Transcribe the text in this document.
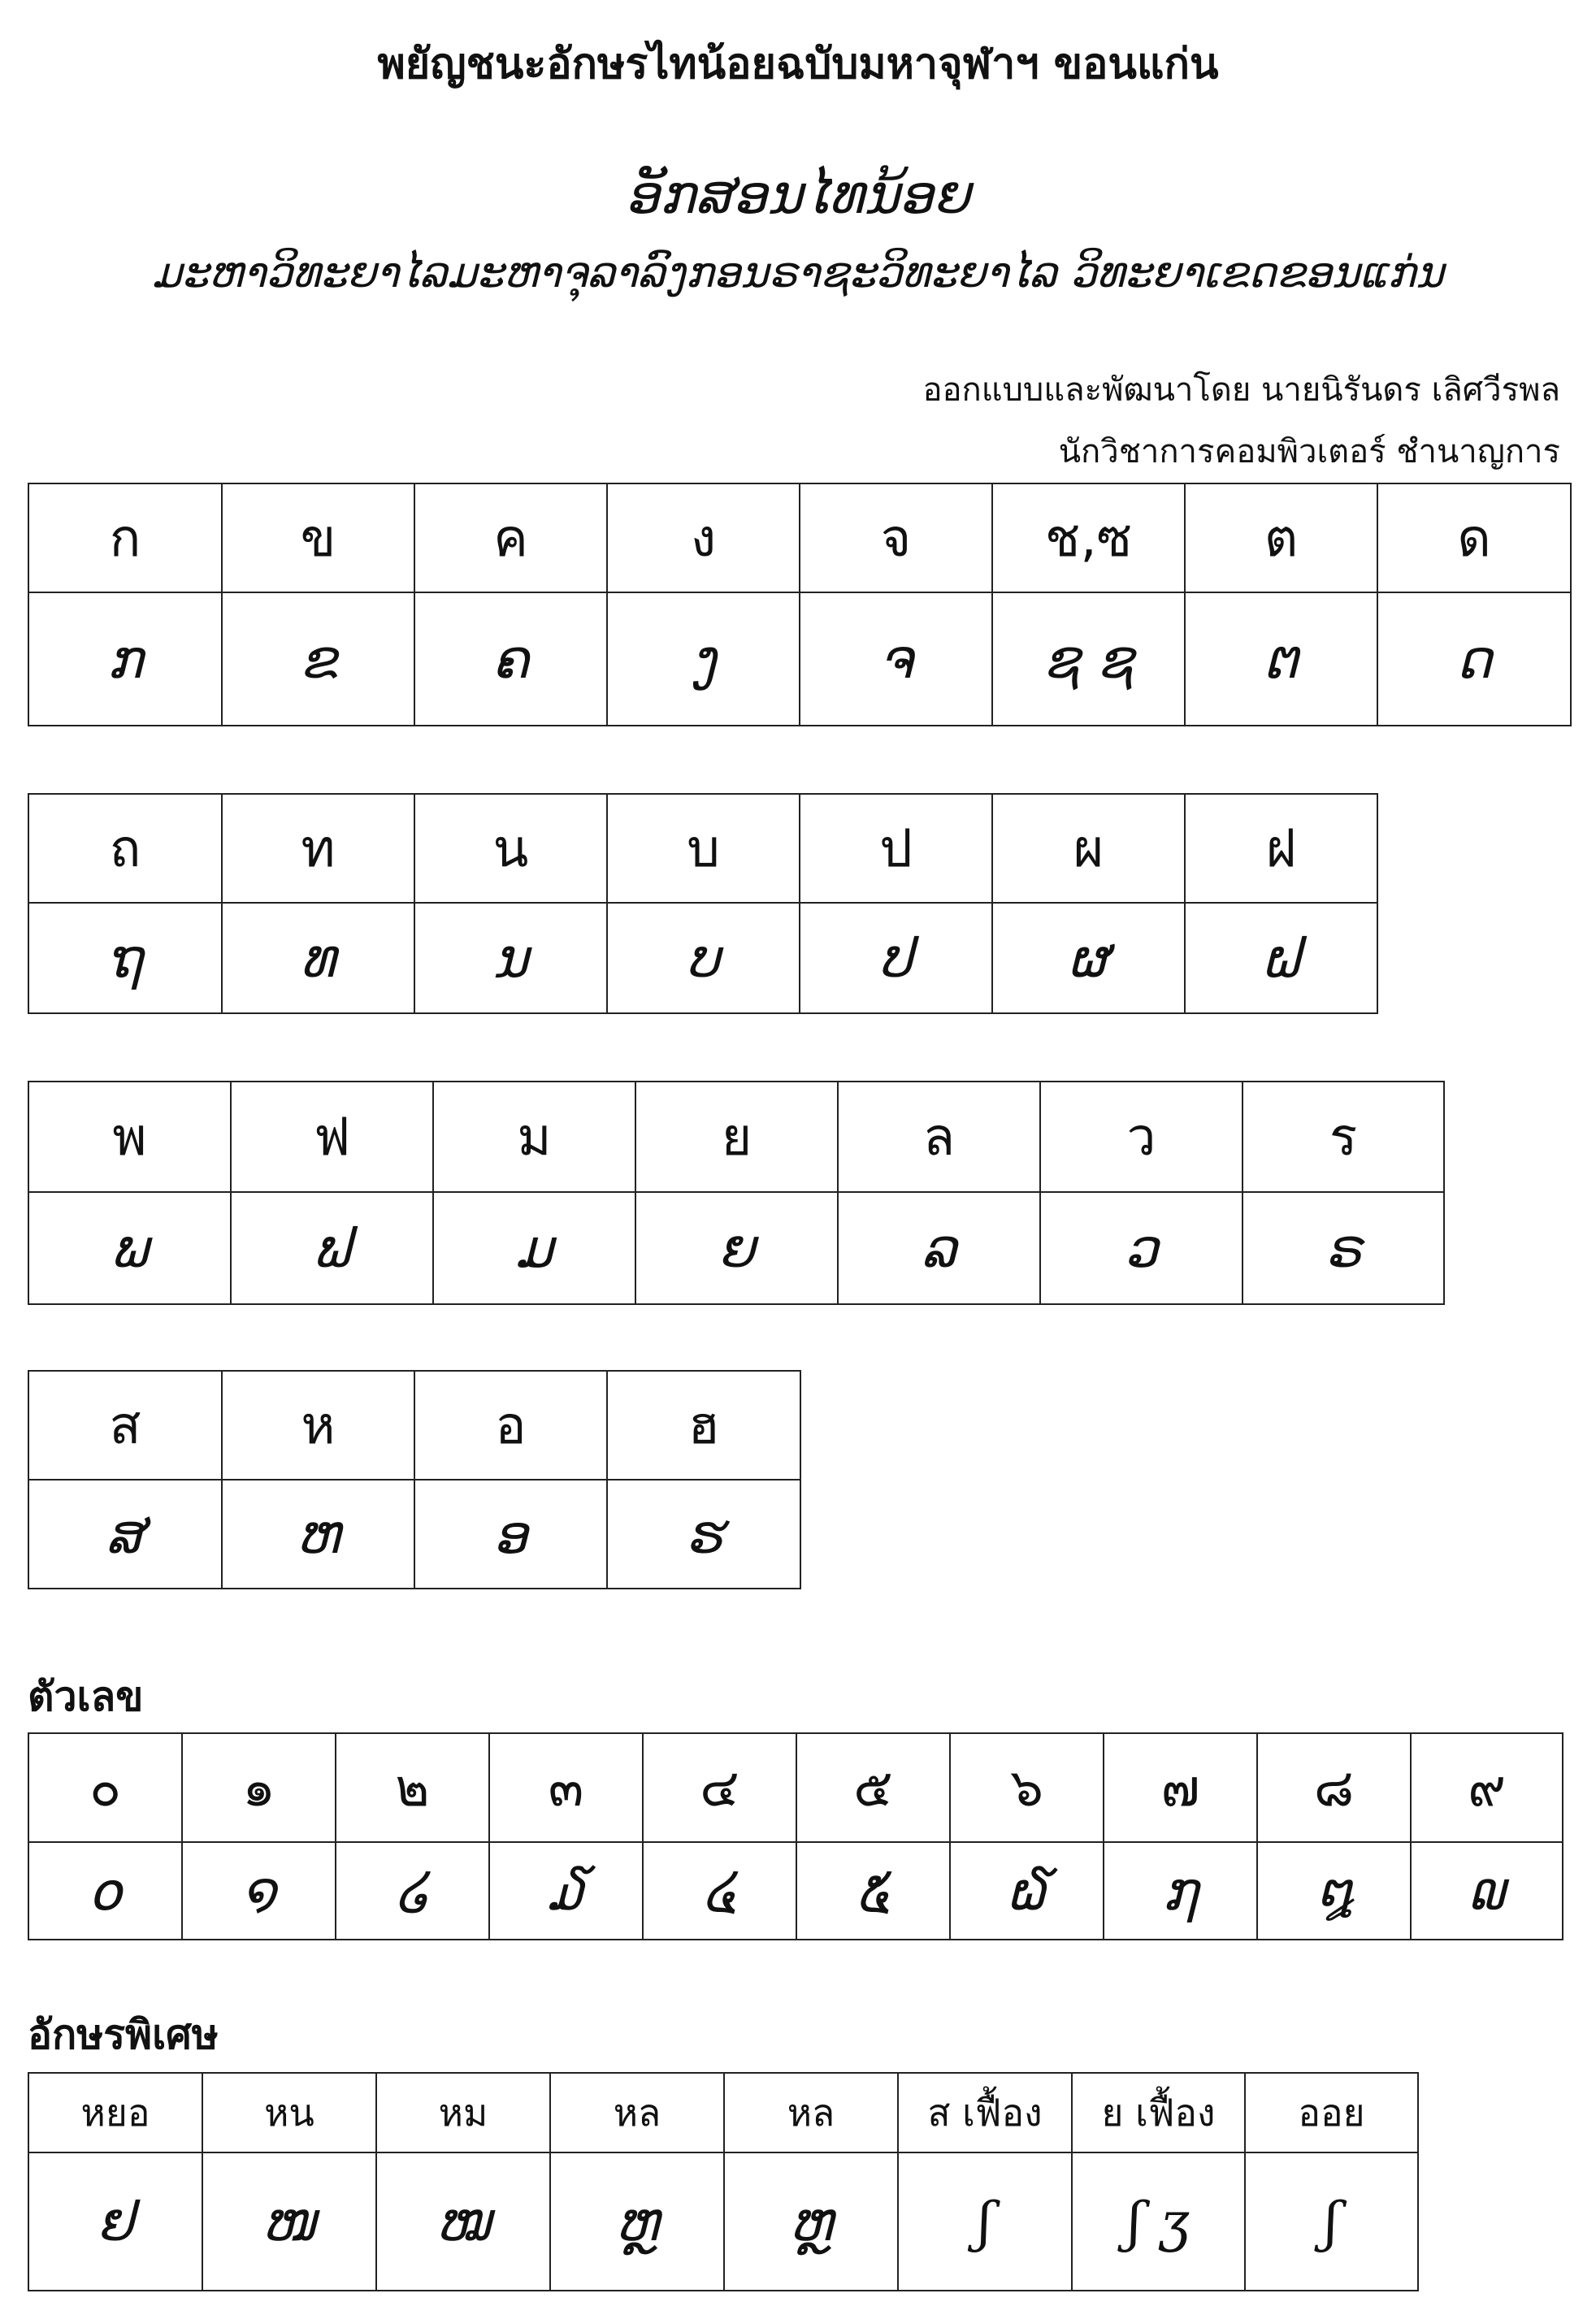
พยัญชนะอักษรไทน้อยฉบับมหาจุฬาฯ ขอนแก่น
ອັກສອນໄທນ້ອຍ
ມະຫາວິທະຍາໄລມະຫາຈຸລາລົງກອນຣາຊະວິທະຍາໄລ ວິທະຍາເຂດຂອນແກ່ນ
ออกแบบและพัฒนาโดย นายนิรันดร เลิศวีรพล
นักวิชาการคอมพิวเตอร์ ชำนาญการ
ก	ข	ค	ง	จ	ช,ซ	ต	ด
ກ	ຂ	ຄ	ງ	ຈ	ຊ ຊ	ຕ	ດ
ถ	ท	น	บ	ป	ผ	ฝ
ຖ	ທ	ນ	ບ	ປ	ຜ	ຝ
พ	ฟ	ม	ย	ล	ว	ร
ພ	ຟ	ມ	ຍ	ລ	ວ	ຣ
ส	ห	อ	ฮ
ສ	ຫ	ອ	ຮ
ตัวเลข
๐	๑	๒	๓	๔	๕	๖	๗	๘	๙
໐	໑	໒	໓	໔	໕	໖	໗	໘	໙
อักษรพิเศษ
หยอ	หน	หม	หล	หล	ส เฟื้อง	ย เฟื้อง	ออย
ຢ	ໜ	ໝ	ຫຼ	ຫຼ	ʃ	ʃ ʒ	ʃ
